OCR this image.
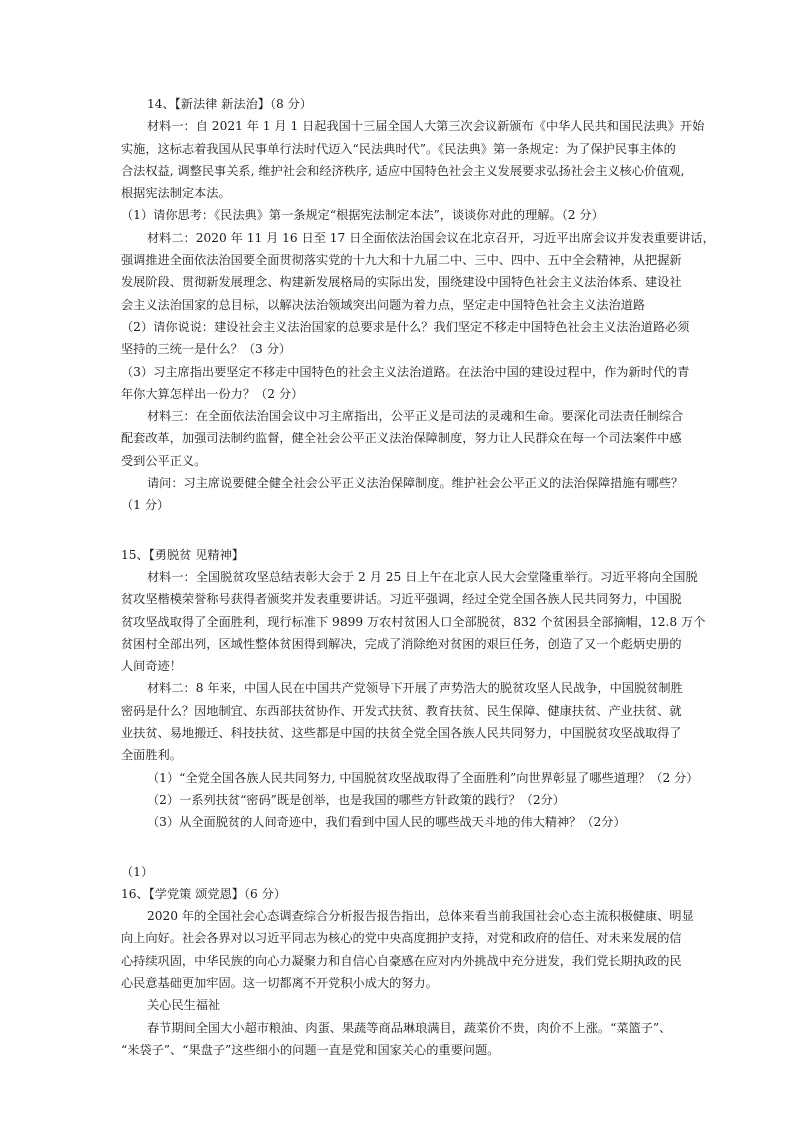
14、【新法律 新法治】（8 分）
材料一：自 2021 年 1 月 1 日起我国十三届全国人大第三次会议新颁布《中华人民共和国民法典》开始
实施，这标志着我国从民事单行法时代迈入“民法典时代”。《民法典》第一条规定：为了保护民事主体的
合法权益, 调整民事关系, 维护社会和经济秩序, 适应中国特色社会主义发展要求弘扬社会主义核心价值观,
根据宪法制定本法。
（1）请你思考：《民法典》第一条规定“根据宪法制定本法”，谈谈你对此的理解。（2 分）
材料二：2020 年 11 月 16 日至 17 日全面依法治国会议在北京召开，习近平出席会议并发表重要讲话，
强调推进全面依法治国要全面贯彻落实党的十九大和十九届二中、三中、四中、五中全会精神，从把握新
发展阶段、贯彻新发展理念、构建新发展格局的实际出发，围绕建设中国特色社会主义法治体系、建设社
会主义法治国家的总目标，以解决法治领域突出问题为着力点，坚定走中国特色社会主义法治道路
（2）请你说说：建设社会主义法治国家的总要求是什么？我们坚定不移走中国特色社会主义法治道路必须
坚持的三统一是什么？（3 分）
（3）习主席指出要坚定不移走中国特色的社会主义法治道路。在法治中国的建设过程中，作为新时代的青
年你大算怎样出一份力？（2 分）
材料三：在全面依法治国会议中习主席指出，公平正义是司法的灵魂和生命。要深化司法责任制综合
配套改革，加强司法制约监督，健全社会公平正义法治保障制度，努力让人民群众在每一个司法案件中感
受到公平正义。
请问：习主席说要健全健全社会公平正义法治保障制度。维护社会公平正义的法治保障措施有哪些？
（1 分）
15、【勇脱贫 见精神】
材料一：全国脱贫攻坚总结表彰大会于 2 月 25 日上午在北京人民大会堂隆重举行。习近平将向全国脱
贫攻坚楷模荣誉称号获得者颁奖并发表重要讲话。习近平强调，经过全党全国各族人民共同努力，中国脱
贫攻坚战取得了全面胜利，现行标准下 9899 万农村贫困人口全部脱贫，832 个贫困县全部摘帽，12.8 万个
贫困村全部出列，区域性整体贫困得到解决，完成了消除绝对贫困的艰巨任务，创造了又一个彪炳史册的
人间奇迹！
材料二：8 年来，中国人民在中国共产党领导下开展了声势浩大的脱贫攻坚人民战争，中国脱贫制胜
密码是什么？因地制宜、东西部扶贫协作、开发式扶贫、教育扶贫、民生保障、健康扶贫、产业扶贫、就
业扶贫、易地搬迁、科技扶贫、这些都是中国的扶贫全党全国各族人民共同努力，中国脱贫攻坚战取得了
全面胜利。
（1）“全党全国各族人民共同努力, 中国脱贫攻坚战取得了全面胜利”向世界彰显了哪些道理？（2 分）
（2）一系列扶贫“密码”既是创举，也是我国的哪些方针政策的践行？（2分）
（3）从全面脱贫的人间奇迹中，我们看到中国人民的哪些战天斗地的伟大精神？（2分）
（1）
16、【学党策 颂党恩】（6 分）
2020 年的全国社会心态调查综合分析报告报告指出，总体来看当前我国社会心态主流积极健康、明显
向上向好。社会各界对以习近平同志为核心的党中央高度拥护支持，对党和政府的信任、对未来发展的信
心持续巩固，中华民族的向心力凝聚力和自信心自豪感在应对内外挑战中充分迸发，我们党长期执政的民
心民意基础更加牢固。这一切都离不开党积小成大的努力。
关心民生福祉
春节期间全国大小超市粮油、肉蛋、果蔬等商品琳琅满目，蔬菜价不贵，肉价不上涨。“菜篮子”、
“米袋子”、“果盘子”这些细小的问题一直是党和国家关心的重要问题。
